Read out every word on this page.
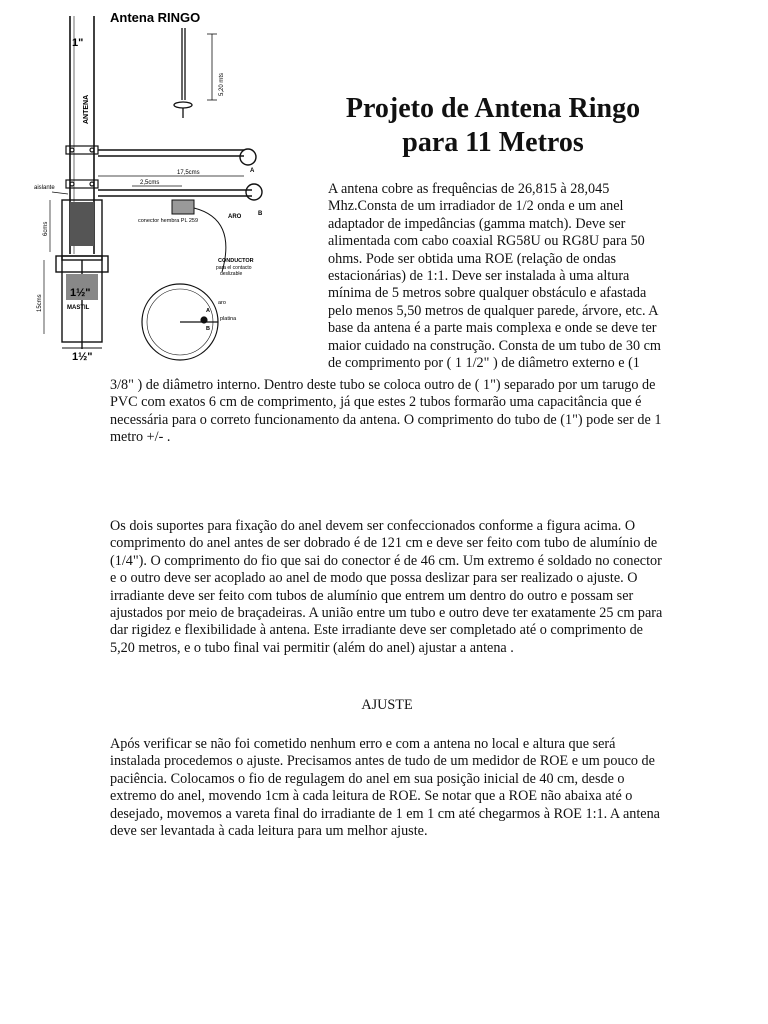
Antena RINGO
1"
ANTENA
5,20 mts
A
B
17,5cms
2,5cms
conector hembra PL 259
ARO
CONDUCTOR
para el contacto
deslizable
aislante
6cms
1½"
MASTIL
15cms
1½"
A
B
aro
platina
Projeto de Antena Ringo
para 11 Metros

A antena cobre as frequências de 26,815 à 28,045 Mhz.Consta de um irradiador de 1/2 onda e um anel adaptador de impedâncias (gamma match). Deve ser alimentada com cabo coaxial RG58U ou RG8U para 50 ohms. Pode ser obtida uma ROE (relação de ondas estacionárias) de 1:1. Deve ser instalada à uma altura mínima de 5 metros sobre qualquer obstáculo e afastada pelo menos 5,50 metros de qualquer parede, árvore, etc. A base da antena é a parte mais complexa e onde se deve ter maior cuidado na construção. Consta de um tubo de 30 cm de comprimento por ( 1 1/2" ) de diâmetro externo e (1

3/8" ) de diâmetro interno. Dentro deste tubo se coloca outro de ( 1") separado por um tarugo de PVC com exatos 6 cm de comprimento, já que estes 2 tubos formarão uma capacitância que é necessária para o correto funcionamento da antena. O comprimento do tubo de (1") pode ser de 1 metro +/- .

Os dois suportes para fixação do anel devem ser confeccionados conforme a figura acima. O comprimento do anel antes de ser dobrado é de 121 cm e deve ser feito com tubo de alumínio de (1/4"). O comprimento do fio que sai do conector é de 46 cm. Um extremo é soldado no conector e o outro deve ser acoplado ao anel de modo que possa deslizar para ser realizado o ajuste. O irradiante deve ser feito com tubos de alumínio que entrem um dentro do outro e possam ser ajustados por meio de braçadeiras. A união entre um tubo e outro deve ter exatamente 25 cm para dar rigidez e flexibilidade à antena. Este irradiante deve ser completado até o comprimento de 5,20 metros, e o tubo final vai permitir (além do anel) ajustar a antena .

AJUSTE

Após verificar se não foi cometido nenhum erro e com a antena no local e altura que será instalada procedemos o ajuste. Precisamos antes de tudo de um medidor de ROE e um pouco de paciência. Colocamos o fio de regulagem do anel em sua posição inicial de 40 cm, desde o extremo do anel, movendo 1cm à cada leitura de ROE. Se notar que a ROE não abaixa até o desejado, movemos a vareta final do irradiante de 1 em 1 cm até chegarmos à ROE 1:1. A antena deve ser levantada à cada leitura para um melhor ajuste.
